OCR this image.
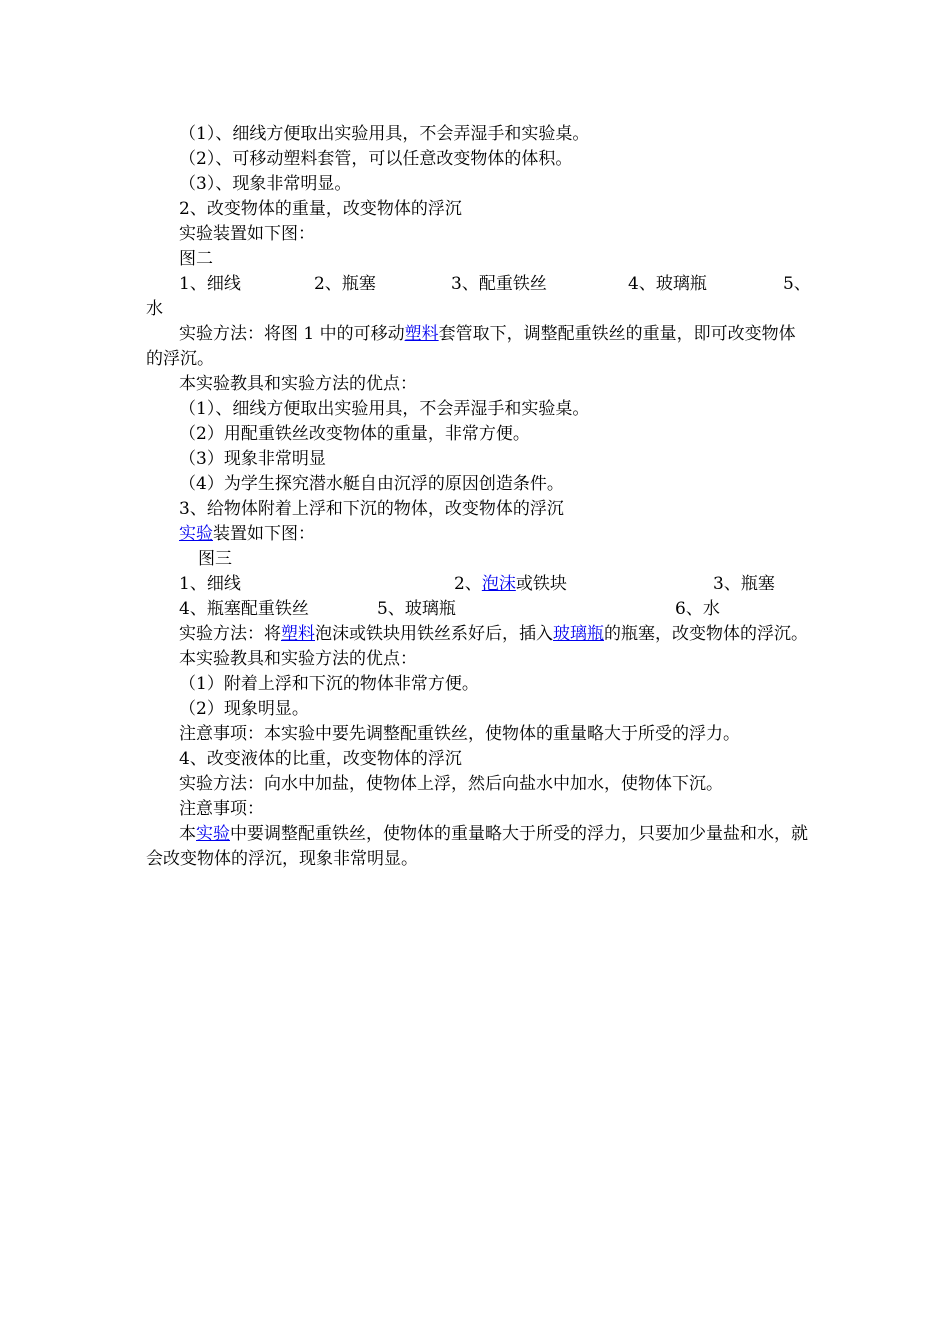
（1）、细线方便取出实验用具，不会弄湿手和实验桌。
（2）、可移动塑料套管，可以任意改变物体的体积。
（3）、现象非常明显。
2、改变物体的重量，改变物体的浮沉
实验装置如下图：
图二
1、细线	2、瓶塞	3、配重铁丝	4、玻璃瓶	5、
水
实验方法：将图 1 中的可移动塑料套管取下，调整配重铁丝的重量，即可改变物体的浮沉。
本实验教具和实验方法的优点：
（1）、细线方便取出实验用具，不会弄湿手和实验桌。
（2）用配重铁丝改变物体的重量，非常方便。
（3）现象非常明显
（4）为学生探究潜水艇自由沉浮的原因创造条件。
3、给物体附着上浮和下沉的物体，改变物体的浮沉
实验装置如下图：
图三
1、细线	2、泡沫或铁块	3、瓶塞
4、瓶塞配重铁丝	5、玻璃瓶	6、水
实验方法：将塑料泡沫或铁块用铁丝系好后，插入玻璃瓶的瓶塞，改变物体的浮沉。
本实验教具和实验方法的优点：
（1）附着上浮和下沉的物体非常方便。
（2）现象明显。
注意事项：本实验中要先调整配重铁丝，使物体的重量略大于所受的浮力。
4、改变液体的比重，改变物体的浮沉
实验方法：向水中加盐，使物体上浮，然后向盐水中加水，使物体下沉。
注意事项：
本实验中要调整配重铁丝，使物体的重量略大于所受的浮力，只要加少量盐和水，就会改变物体的浮沉，现象非常明显。
